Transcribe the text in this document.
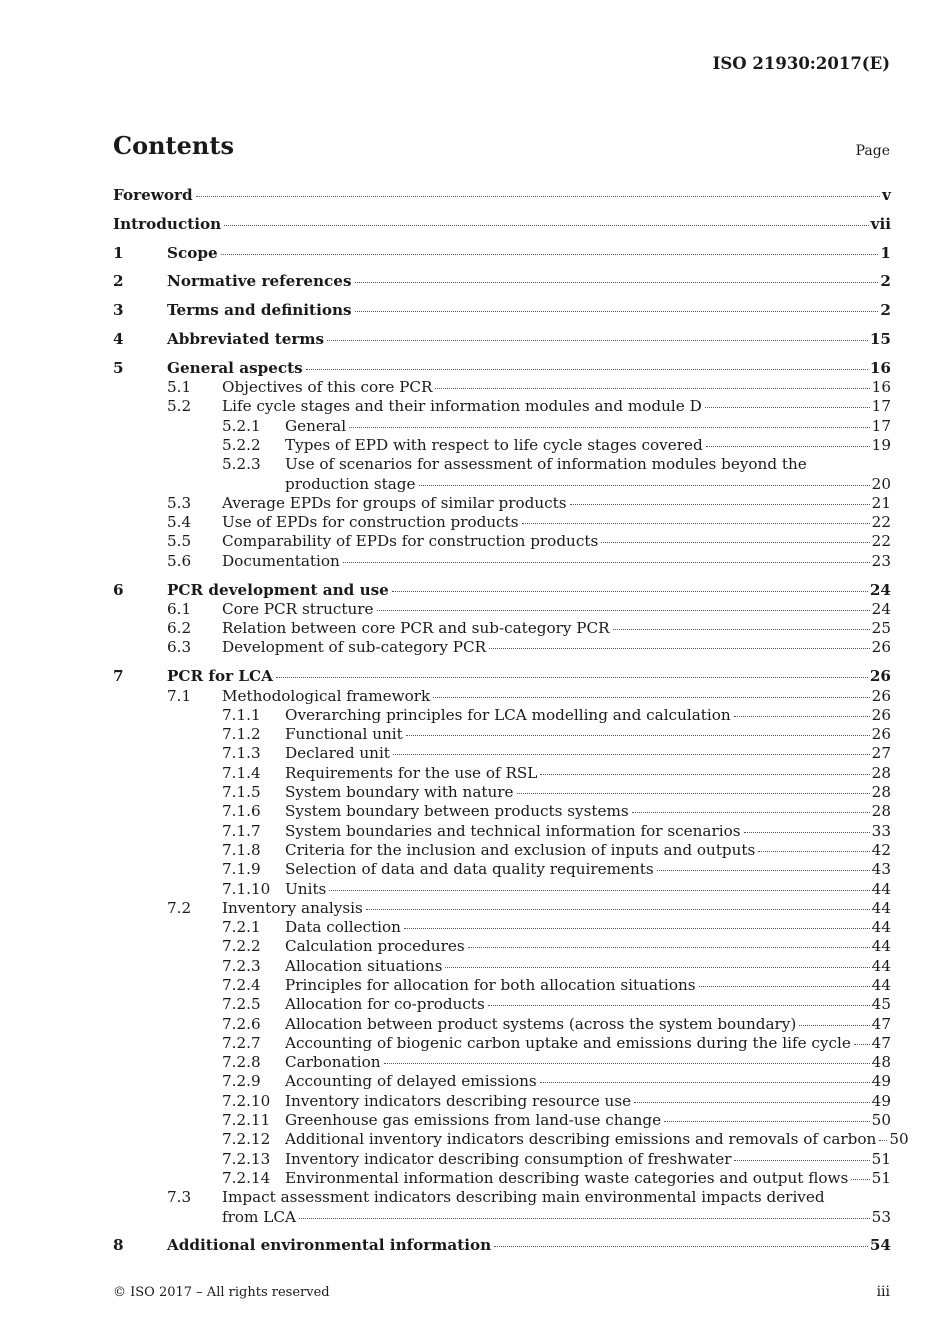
ISO 21930:2017(E)
Contents	Page
Foreword	v
Introduction	vii
1	Scope	1
2	Normative references	2
3	Terms and definitions	2
4	Abbreviated terms	15
5	General aspects	16
5.1 Objectives of this core PCR	16
5.2 Life cycle stages and their information modules and module D	17
5.2.1 General	17
5.2.2 Types of EPD with respect to life cycle stages covered	19
5.2.3 Use of scenarios for assessment of information modules beyond the
production stage	20
5.3 Average EPDs for groups of similar products	21
5.4 Use of EPDs for construction products	22
5.5 Comparability of EPDs for construction products	22
5.6 Documentation	23
6	PCR development and use	24
6.1 Core PCR structure	24
6.2 Relation between core PCR and sub-category PCR	25
6.3 Development of sub-category PCR	26
7	PCR for LCA	26
7.1 Methodological framework	26
7.1.1 Overarching principles for LCA modelling and calculation	26
7.1.2 Functional unit	26
7.1.3 Declared unit	27
7.1.4 Requirements for the use of RSL	28
7.1.5 System boundary with nature	28
7.1.6 System boundary between products systems	28
7.1.7 System boundaries and technical information for scenarios	33
7.1.8 Criteria for the inclusion and exclusion of inputs and outputs	42
7.1.9 Selection of data and data quality requirements	43
7.1.10 Units	44
7.2 Inventory analysis	44
7.2.1 Data collection	44
7.2.2 Calculation procedures	44
7.2.3 Allocation situations	44
7.2.4 Principles for allocation for both allocation situations	44
7.2.5 Allocation for co-products	45
7.2.6 Allocation between product systems (across the system boundary)	47
7.2.7 Accounting of biogenic carbon uptake and emissions during the life cycle 47
7.2.8 Carbonation	48
7.2.9 Accounting of delayed emissions	49
7.2.10 Inventory indicators describing resource use	49
7.2.11 Greenhouse gas emissions from land-use change	50
7.2.12 Additional inventory indicators describing emissions and removals of carbon 50
7.2.13 Inventory indicator describing consumption of freshwater	51
7.2.14 Environmental information describing waste categories and output flows 51
7.3 Impact assessment indicators describing main environmental impacts derived
from LCA	53
8	Additional environmental information	54
© ISO 2017 – All rights reserved	iii
